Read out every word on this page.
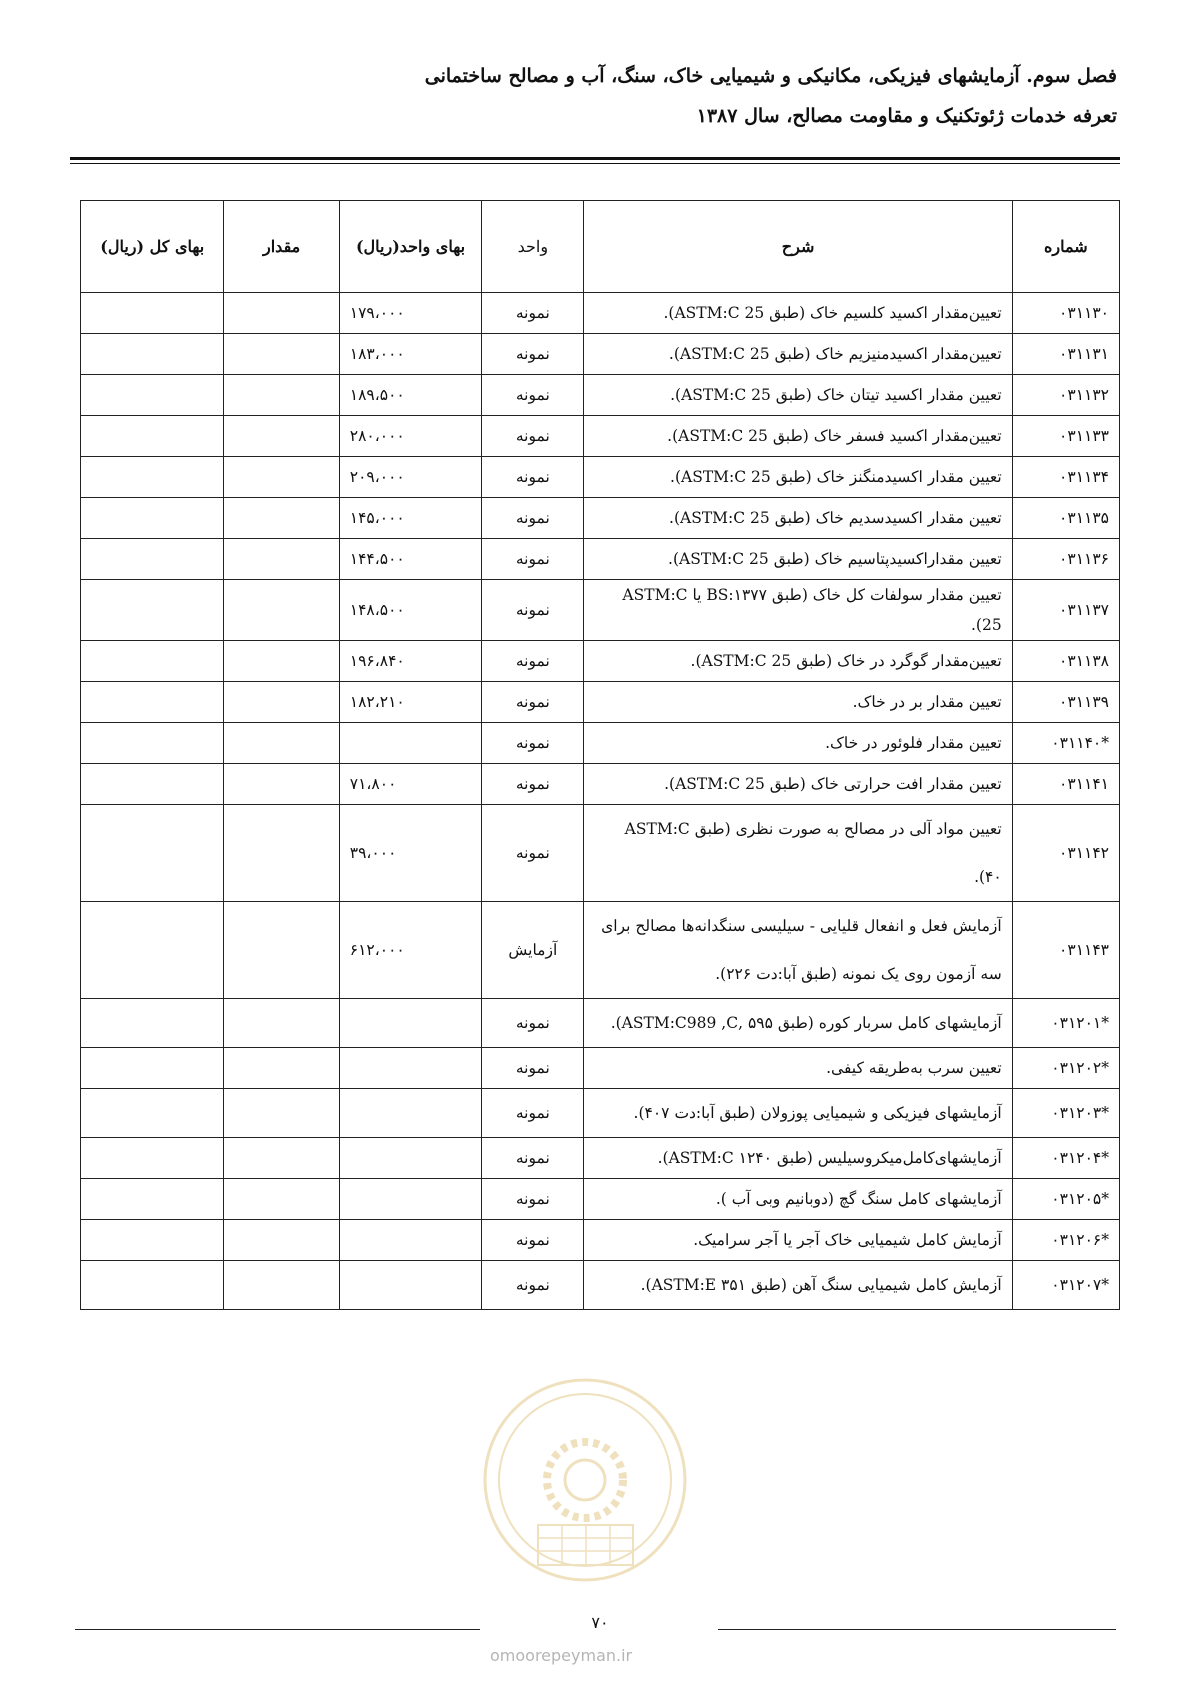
فصل سوم. آزمایشهای فیزیکی، مکانیکی و شیمیایی خاک، سنگ، آب و مصالح ساختمانی
تعرفه خدمات ژئوتکنیک و مقاومت مصالح، سال ۱۳۸۷
شماره	شرح	واحد	بهای واحد(ریال)	مقدار	بهای کل (ریال)
۰۳۱۱۳۰	تعیین‌مقدار اکسید کلسیم خاک (طبق ASTM:C 25).	نمونه	۱۷۹،۰۰۰		
۰۳۱۱۳۱	تعیین‌مقدار اکسیدمنیزیم خاک (طبق ASTM:C 25).	نمونه	۱۸۳،۰۰۰		
۰۳۱۱۳۲	تعیین مقدار اکسید تیتان خاک (طبق ASTM:C 25).	نمونه	۱۸۹،۵۰۰		
۰۳۱۱۳۳	تعیین‌مقدار اکسید فسفر خاک (طبق ASTM:C 25).	نمونه	۲۸۰،۰۰۰		
۰۳۱۱۳۴	تعیین مقدار اکسیدمنگنز خاک (طبق ASTM:C 25).	نمونه	۲۰۹،۰۰۰		
۰۳۱۱۳۵	تعیین مقدار اکسیدسدیم خاک (طبق ASTM:C 25).	نمونه	۱۴۵،۰۰۰		
۰۳۱۱۳۶	تعیین مقداراکسیدپتاسیم خاک (طبق ASTM:C 25).	نمونه	۱۴۴،۵۰۰		
۰۳۱۱۳۷	تعیین مقدار سولفات کل خاک (طبق BS:۱۳۷۷ یا ASTM:C 25).	نمونه	۱۴۸،۵۰۰		
۰۳۱۱۳۸	تعیین‌مقدار گوگرد در خاک (طبق ASTM:C 25).	نمونه	۱۹۶،۸۴۰		
۰۳۱۱۳۹	تعیین مقدار بر در خاک.	نمونه	۱۸۲،۲۱۰		
*۰۳۱۱۴۰	تعیین مقدار فلوئور در خاک.	نمونه			
۰۳۱۱۴۱	تعیین مقدار افت حرارتی خاک (طبق ASTM:C 25).	نمونه	۷۱،۸۰۰		
۰۳۱۱۴۲	تعیین مواد آلی در مصالح به صورت نظری (طبق ASTM:C ۴۰).	نمونه	۳۹،۰۰۰		
۰۳۱۱۴۳	آزمایش فعل و انفعال قلیایی - سیلیسی سنگدانه‌ها مصالح برای سه آزمون روی یک نمونه (طبق آبا:دت ۲۲۶).	آزمایش	۶۱۲،۰۰۰		
*۰۳۱۲۰۱	آزمایشهای کامل سربار کوره (طبق ۵۹۵ ,ASTM:C989 ,C).	نمونه			
*۰۳۱۲۰۲	تعیین سرب به‌طریقه کیفی.	نمونه			
*۰۳۱۲۰۳	آزمایشهای فیزیکی و شیمیایی پوزولان (طبق آبا:دت ۴۰۷).	نمونه			
*۰۳۱۲۰۴	آزمایشهای‌کامل‌میکروسیلیس (طبق ASTM:C ۱۲۴۰).	نمونه			
*۰۳۱۲۰۵	آزمایشهای کامل سنگ گچ (دوبانیم وبی آب ).	نمونه			
*۰۳۱۲۰۶	آزمایش کامل شیمیایی خاک آجر یا آجر سرامیک.	نمونه			
*۰۳۱۲۰۷	آزمایش کامل شیمیایی سنگ آهن (طبق ASTM:E ۳۵۱).	نمونه			
۷۰
omoorepeyman.ir
